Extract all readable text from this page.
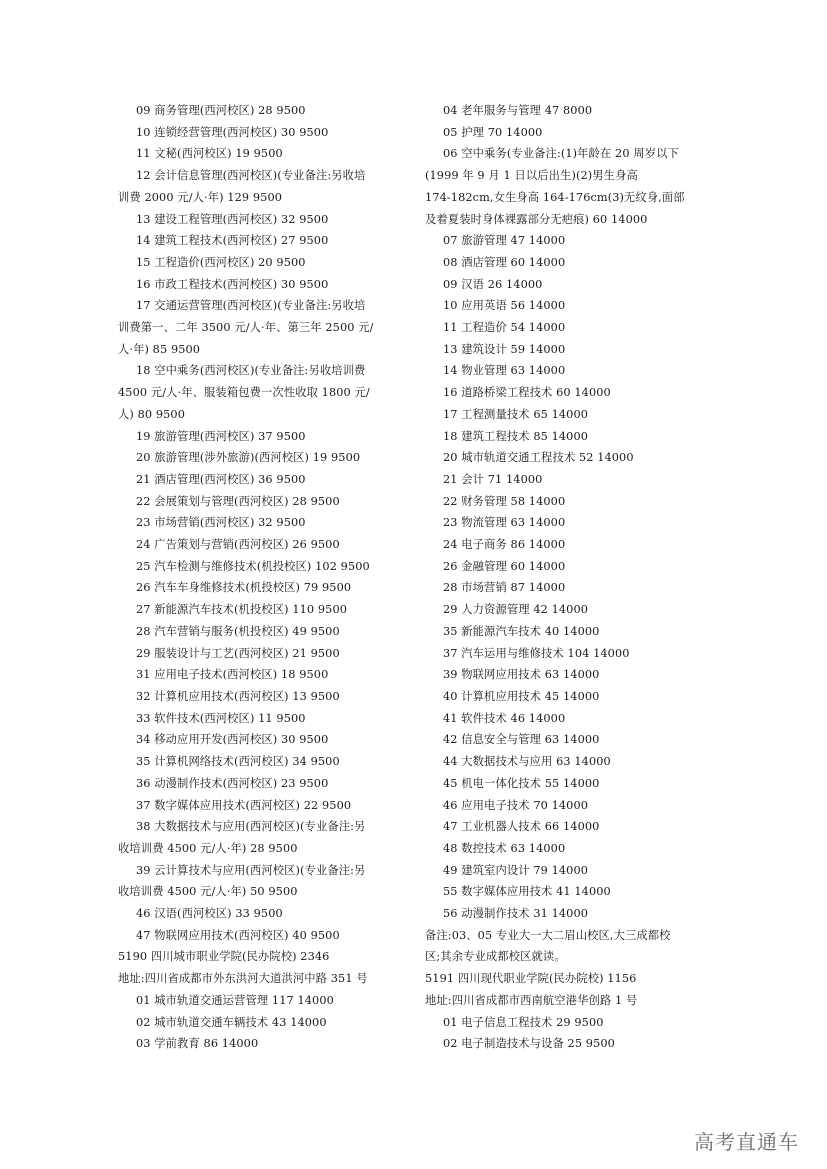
09 商务管理(西河校区) 28 9500
10 连锁经营管理(西河校区) 30 9500
11 文秘(西河校区) 19 9500
12 会计信息管理(西河校区)(专业备注:另收培
训费 2000 元/人·年) 129 9500
13 建设工程管理(西河校区) 32 9500
14 建筑工程技术(西河校区) 27 9500
15 工程造价(西河校区) 20 9500
16 市政工程技术(西河校区) 30 9500
17 交通运营管理(西河校区)(专业备注:另收培
训费第一、二年 3500 元/人·年、第三年 2500 元/
人·年) 85 9500
18 空中乘务(西河校区)(专业备注:另收培训费
4500 元/人·年、服装箱包费一次性收取 1800 元/
人) 80 9500
19 旅游管理(西河校区) 37 9500
20 旅游管理(涉外旅游)(西河校区) 19 9500
21 酒店管理(西河校区) 36 9500
22 会展策划与管理(西河校区) 28 9500
23 市场营销(西河校区) 32 9500
24 广告策划与营销(西河校区) 26 9500
25 汽车检测与维修技术(机投校区) 102 9500
26 汽车车身维修技术(机投校区) 79 9500
27 新能源汽车技术(机投校区) 110 9500
28 汽车营销与服务(机投校区) 49 9500
29 服装设计与工艺(西河校区) 21 9500
31 应用电子技术(西河校区) 18 9500
32 计算机应用技术(西河校区) 13 9500
33 软件技术(西河校区) 11 9500
34 移动应用开发(西河校区) 30 9500
35 计算机网络技术(西河校区) 34 9500
36 动漫制作技术(西河校区) 23 9500
37 数字媒体应用技术(西河校区) 22 9500
38 大数据技术与应用(西河校区)(专业备注:另
收培训费 4500 元/人·年) 28 9500
39 云计算技术与应用(西河校区)(专业备注:另
收培训费 4500 元/人·年) 50 9500
46 汉语(西河校区) 33 9500
47 物联网应用技术(西河校区) 40 9500
5190 四川城市职业学院(民办院校) 2346
地址:四川省成都市外东洪河大道洪河中路 351 号
01 城市轨道交通运营管理 117 14000
02 城市轨道交通车辆技术 43 14000
03 学前教育 86 14000
04 老年服务与管理 47 8000
05 护理 70 14000
06 空中乘务(专业备注:(1)年龄在 20 周岁以下
(1999 年 9 月 1 日以后出生)(2)男生身高
174-182cm,女生身高 164-176cm(3)无纹身,面部
及着夏装时身体裸露部分无疤痕) 60 14000
07 旅游管理 47 14000
08 酒店管理 60 14000
09 汉语 26 14000
10 应用英语 56 14000
11 工程造价 54 14000
13 建筑设计 59 14000
14 物业管理 63 14000
16 道路桥梁工程技术 60 14000
17 工程测量技术 65 14000
18 建筑工程技术 85 14000
20 城市轨道交通工程技术 52 14000
21 会计 71 14000
22 财务管理 58 14000
23 物流管理 63 14000
24 电子商务 86 14000
26 金融管理 60 14000
28 市场营销 87 14000
29 人力资源管理 42 14000
35 新能源汽车技术 40 14000
37 汽车运用与维修技术 104 14000
39 物联网应用技术 63 14000
40 计算机应用技术 45 14000
41 软件技术 46 14000
42 信息安全与管理 63 14000
44 大数据技术与应用 63 14000
45 机电一体化技术 55 14000
46 应用电子技术 70 14000
47 工业机器人技术 66 14000
48 数控技术 63 14000
49 建筑室内设计 79 14000
55 数字媒体应用技术 41 14000
56 动漫制作技术 31 14000
备注:03、05 专业大一大二眉山校区,大三成都校
区;其余专业成都校区就读。
5191 四川现代职业学院(民办院校) 1156
地址:四川省成都市西南航空港华创路 1 号
01 电子信息工程技术 29 9500
02 电子制造技术与设备 25 9500
高考直通车
